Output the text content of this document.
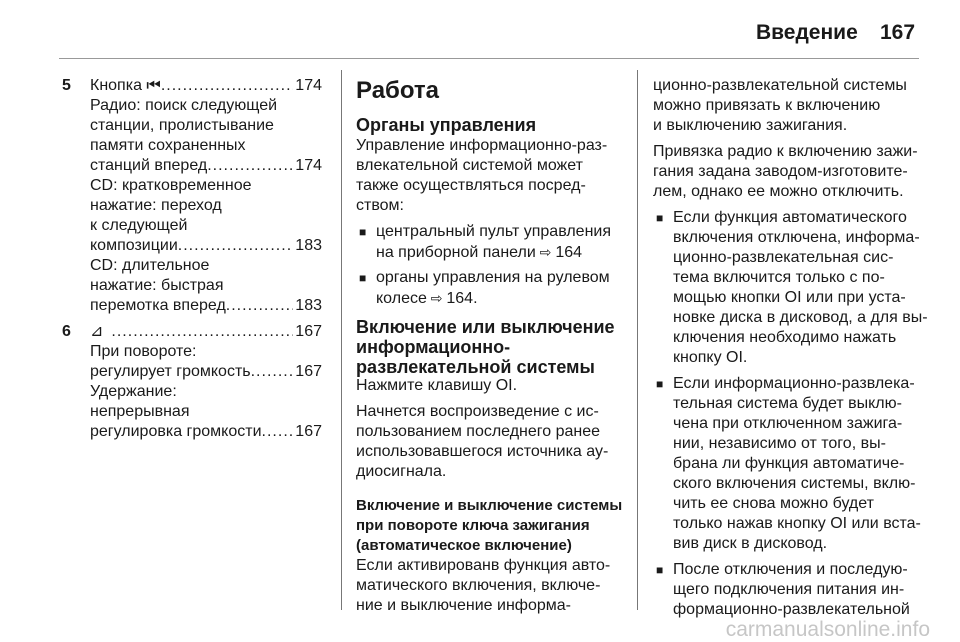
Введение 167
5 Кнопка ⏮ .....	174
Радио: поиск следующей
станции, пролистывание
памяти сохраненных
станций вперед .....	174
CD: кратковременное
нажатие: переход
к следующей
композиции .....	183
CD: длительное
нажатие: быстрая
перемотка вперед .....	183
6 ⊿ .....	167
При повороте:
регулирует громкость .....	167
Удержание:
непрерывная
регулировка громкости ..... 167
Работа
Органы управления

Управление информационно-раз-
влекательной системой может
также осуществляться посред-
ством:

■ центральный пульт управления
на приборной панели ⇨ 164
■ органы управления на рулевом
колесе ⇨ 164.
Включение или выключение
информационно-
развлекательной системы

Нажмите клавишу ОI.

Начнется воспроизведение с ис-
пользованием последнего ранее
использовавшегося источника ау-
диосигнала.

Включение и выключение системы
при повороте ключа зажигания
(автоматическое включение)

Если активированв функция авто-
матического включения, включе-
ние и выключение информа-

ционно-развлекательной системы
можно привязать к включению
и выключению зажигания.

Привязка радио к включению зажи-
гания задана заводом-изготовите-
лем, однако ее можно отключить.

■ Если функция автоматического
включения отключена, информа-
ционно-развлекательная сис-
тема включится только с по-
мощью кнопки ОI или при уста-
новке диска в дисковод, а для вы-
ключения необходимо нажать
кнопку ОI.
■ Если информационно-развлека-
тельная система будет выклю-
чена при отключенном зажига-
нии, независимо от того, вы-
брана ли функция автоматиче-
ского включения системы, вклю-
чить ее снова можно будет
только нажав кнопку ОI или вста-
вив диск в дисковод.
■ После отключения и последую-
щего подключения питания ин-
формационно-развлекательной
carmanualsonline.info
